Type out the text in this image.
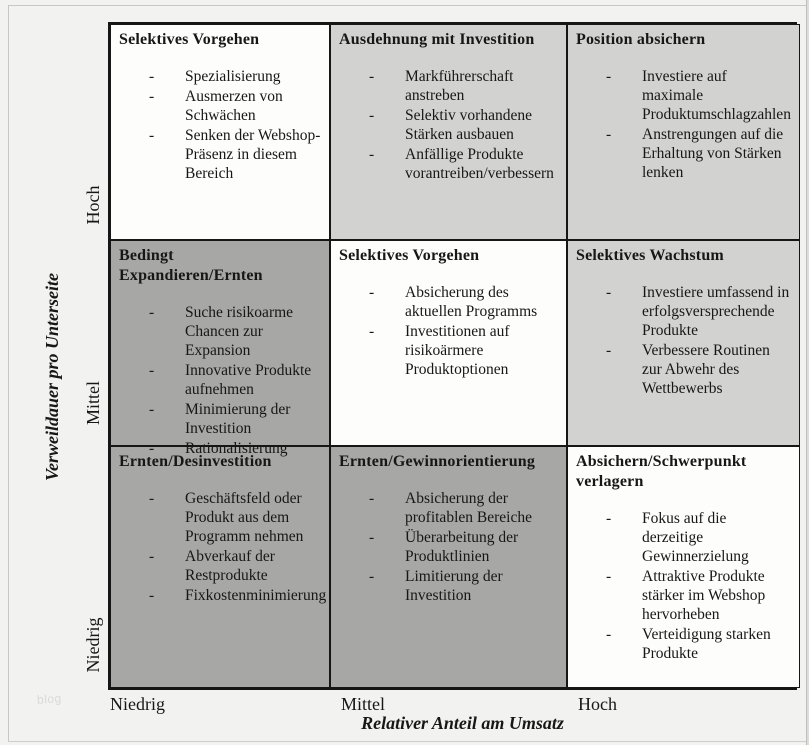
Selektives Vorgehen
- Spezialisierung
- Ausmerzen von Schwächen
- Senken der Webshop-Präsenz in diesem Bereich
Ausdehnung mit Investition
- Markführerschaft anstreben
- Selektiv vorhandene Stärken ausbauen
- Anfällige Produkte vorantreiben/verbessern
Position absichern
- Investiere auf maximale Produktumschlagzahlen
- Anstrengungen auf die Erhaltung von Stärken lenken
Bedingt Expandieren/Ernten
- Suche risikoarme Chancen zur Expansion
- Innovative Produkte aufnehmen
- Minimierung der Investition
- Rationalisierung
Selektives Vorgehen
- Absicherung des aktuellen Programms
- Investitionen auf risikoärmere Produktoptionen
Selektives Wachstum
- Investiere umfassend in erfolgsversprechende Produkte
- Verbessere Routinen zur Abwehr des Wettbewerbs
Ernten/Desinvestition
- Geschäftsfeld oder Produkt aus dem Programm nehmen
- Abverkauf der Restprodukte
- Fixkostenminimierung
Ernten/Gewinnorientierung
- Absicherung der profitablen Bereiche
- Überarbeitung der Produktlinien
- Limitierung der Investition
Absichern/Schwerpunkt verlagern
- Fokus auf die derzeitige Gewinnerzielung
- Attraktive Produkte stärker im Webshop hervorheben
- Verteidigung starken Produkte
Verweildauer pro Unterseite
Hoch
Mittel
Niedrig
Niedrig	Mittel	Hoch
Relativer Anteil am Umsatz
blog
